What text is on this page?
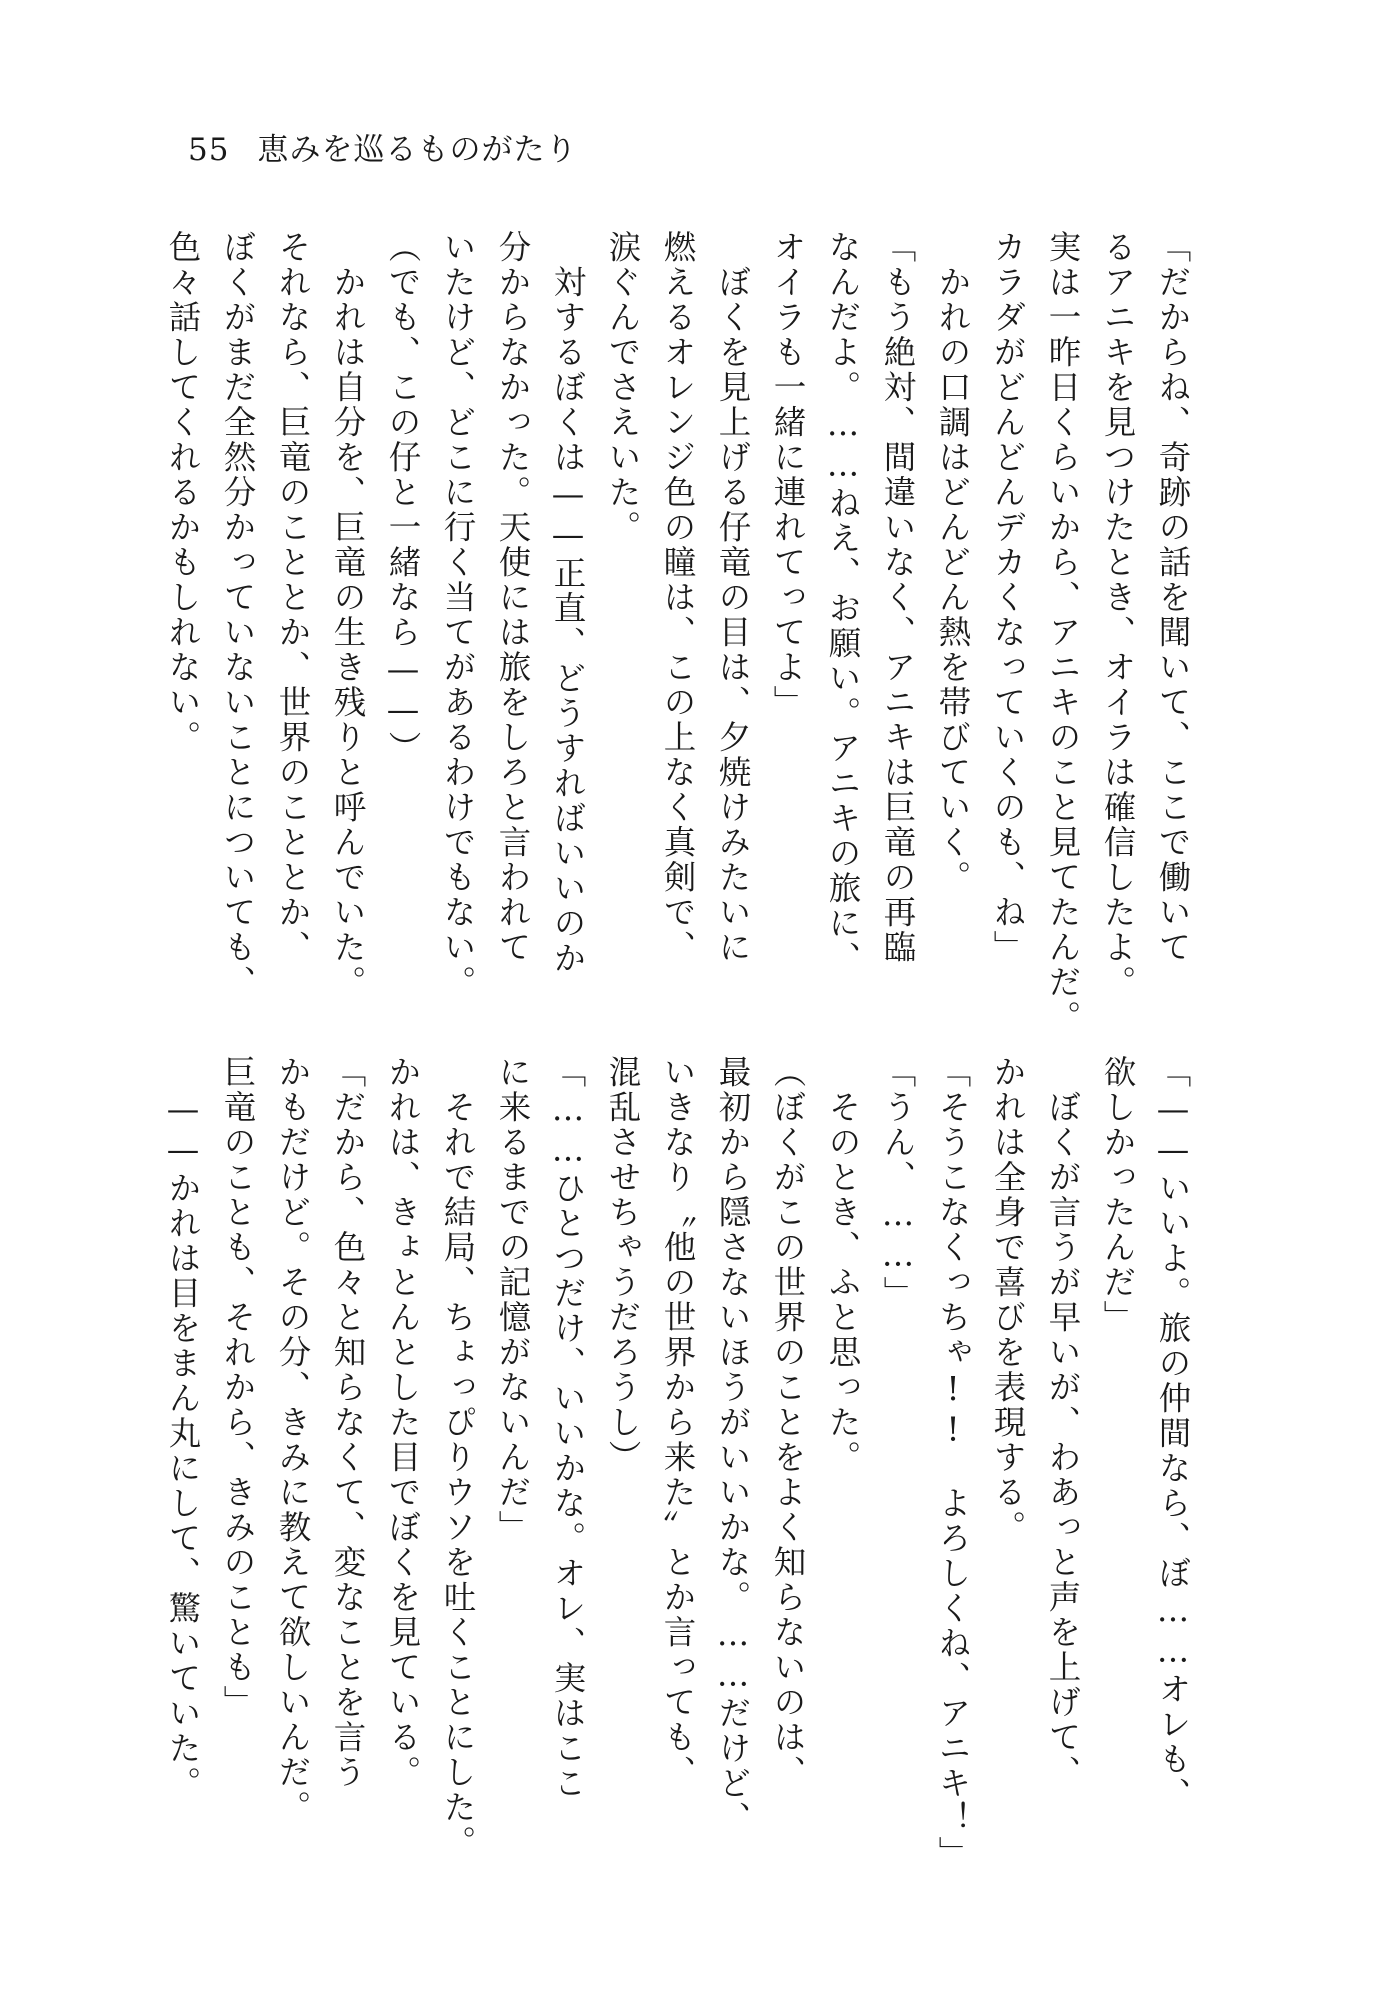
55 恵みを巡るものがたり
「だからね、奇跡の話を聞いて、ここで働いて
るアニキを見つけたとき、オイラは確信したよ。
実は一昨日くらいから、アニキのこと見てたんだ。
カラダがどんどんデカくなっていくのも、ね」
　かれの口調はどんどん熱を帯びていく。
「もう絶対、間違いなく、アニキは巨竜の再臨
なんだよ。……ねえ、お願い。アニキの旅に、
オイラも一緒に連れてってよ」
　ぼくを見上げる仔竜の目は、夕焼けみたいに
燃えるオレンジ色の瞳は、この上なく真剣で、
涙ぐんでさえいた。
　対するぼくは——正直、どうすればいいのか
分からなかった。天使には旅をしろと言われて
いたけど、どこに行く当てがあるわけでもない。
（でも、この仔と一緒なら——）
　かれは自分を、巨竜の生き残りと呼んでいた。
それなら、巨竜のこととか、世界のこととか、
ぼくがまだ全然分かっていないことについても、
色々話してくれるかもしれない。
「——いいよ。旅の仲間なら、ぼ……オレも、
欲しかったんだ」
　ぼくが言うが早いが、わあっと声を上げて、
かれは全身で喜びを表現する。
「そうこなくっちゃ!!　よろしくね、アニキ！」
「うん、……」
　そのとき、ふと思った。
（ぼくがこの世界のことをよく知らないのは、
最初から隠さないほうがいいかな。……だけど、
いきなり〝他の世界から来た〟とか言っても、
混乱させちゃうだろうし）
「……ひとつだけ、いいかな。オレ、実はここ
に来るまでの記憶がないんだ」
　それで結局、ちょっぴりウソを吐くことにした。
かれは、きょとんとした目でぼくを見ている。
「だから、色々と知らなくて、変なことを言う
かもだけど。その分、きみに教えて欲しいんだ。
巨竜のことも、それから、きみのことも」
　——かれは目をまん丸にして、驚いていた。
